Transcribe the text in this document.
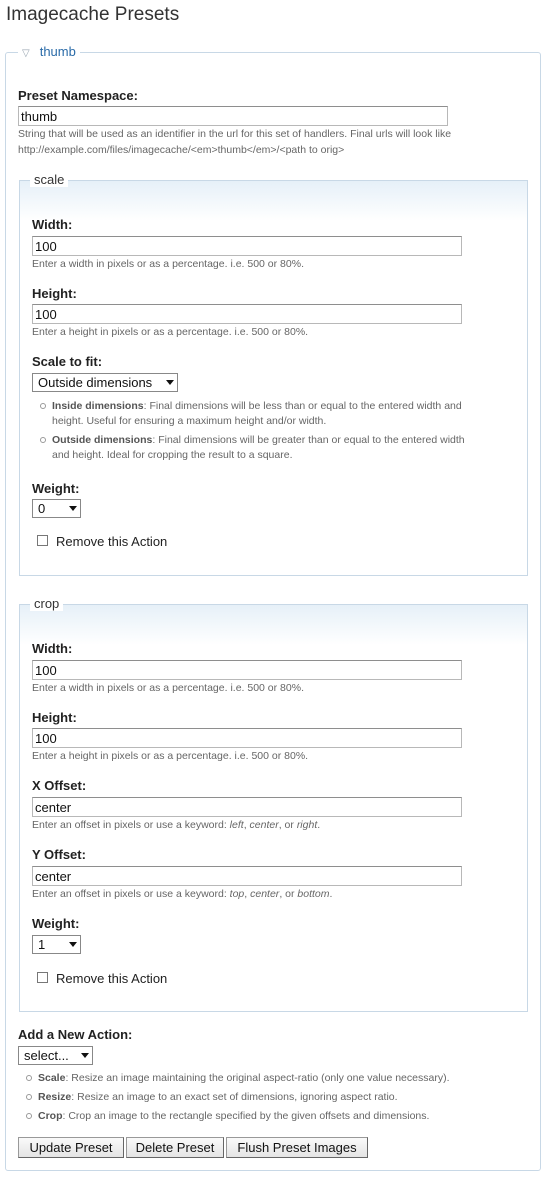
Imagecache Presets
▽ thumb
Preset Namespace:
thumb
String that will be used as an identifier in the url for this set of handlers. Final urls will look like
http://example.com/files/imagecache/<em>thumb</em>/<path to orig>
scale
Width:
100
Enter a width in pixels or as a percentage. i.e. 500 or 80%.
Height:
100
Enter a height in pixels or as a percentage. i.e. 500 or 80%.
Scale to fit:
Outside dimensions
Inside dimensions: Final dimensions will be less than or equal to the entered width and
height. Useful for ensuring a maximum height and/or width.
Outside dimensions: Final dimensions will be greater than or equal to the entered width
and height. Ideal for cropping the result to a square.
Weight:
0
Remove this Action
crop
Width:
100
Enter a width in pixels or as a percentage. i.e. 500 or 80%.
Height:
100
Enter a height in pixels or as a percentage. i.e. 500 or 80%.
X Offset:
center
Enter an offset in pixels or use a keyword: left, center, or right.
Y Offset:
center
Enter an offset in pixels or use a keyword: top, center, or bottom.
Weight:
1
Remove this Action
Add a New Action:
select...
Scale: Resize an image maintaining the original aspect-ratio (only one value necessary).
Resize: Resize an image to an exact set of dimensions, ignoring aspect ratio.
Crop: Crop an image to the rectangle specified by the given offsets and dimensions.
Update Preset	Delete Preset	Flush Preset Images
